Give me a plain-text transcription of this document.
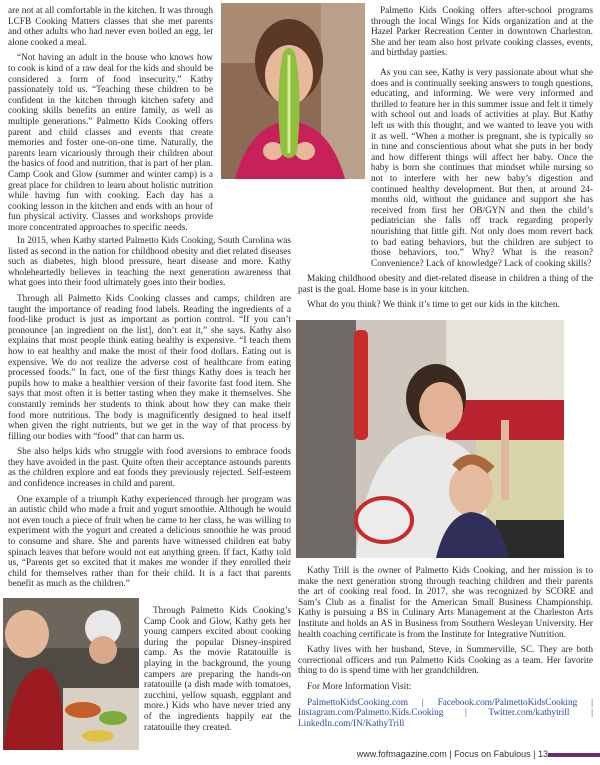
are not at all comfortable in the kitchen. It was through LCFB Cooking Matters classes that she met parents and other adults who had never even boiled an egg, let alone cooked a meal.

“Not having an adult in the house who knows how to cook is kind of a raw deal for the kids and should be considered a form of food insecurity.” Kathy passionately told us. “Teaching these children to be confident in the kitchen through kitchen safety and cooking skills benefits an entire family, as well as multiple generations.” Palmetto Kids Cooking offers parent and child classes and events that create memories and foster one-on-one time. Naturally, the parents learn vicariously through their children about the basics of food and nutrition, that is part of her plan. Camp Cook and Glow (summer and winter camp) is a great place for children to learn about holistic nutrition while having fun with cooking. Each day has a cooking lesson in the kitchen and ends with an hour of fun physical activity. Classes and workshops provide more concentrated approaches to specific needs.

In 2015, when Kathy started Palmetto Kids Cooking, South Carolina was listed as second in the nation for childhood obesity and diet related diseases such as diabetes, high blood pressure, heart disease and more. Kathy wholeheartedly believes in teaching the next generation awareness that what goes into their food ultimately goes into their bodies.

Through all Palmetto Kids Cooking classes and camps, children are taught the importance of reading food labels. Reading the ingredients of a food-like product is just as important as portion control. “If you can’t pronounce [an ingredient on the list], don’t eat it,” she says. Kathy also explains that most people think eating healthy is expensive. “I teach them how to eat healthy and make the most of their food dollars. Eating out is expensive. We do not realize the adverse cost of healthcare from eating processed foods.” In fact, one of the first things Kathy does is teach her pupils how to make a healthier version of their favorite fast food item. She says that most often it is better tasting when they make it themselves. She constantly reminds her students to think about how they can make their food more nutritious. The body is magnificently designed to heal itself when given the right nutrients, but we get in the way of that process by filling our bodies with “food” that can harm us.

She also helps kids who struggle with food aversions to embrace foods they have avoided in the past. Quite often their acceptance astounds parents as the children explore and eat foods they previously rejected. Self-esteem and confidence increases in child and parent.

One example of a triumph Kathy experienced through her program was an autistic child who made a fruit and yogurt smoothie. Although he would not even touch a piece of fruit when he came to her class, he was willing to experiment with the yogurt and created a delicious smoothie he was proud to consume and share. She and parents have witnessed children eat baby spinach leaves that before would not eat anything green. If fact, Kathy told us, “Parents get so excited that it makes me wonder if they enrolled their child for themselves rather than for their child. It is a fact that parents benefit as much as the children.”

Through Palmetto Kids Cooking’s Camp Cook and Glow, Kathy gets her young campers excited about cooking during the popular Disney-inspired camp. As the movie Ratatouille is playing in the background, the young campers are preparing the hands-on ratatouille (a dish made with tomatoes, zucchini, yellow squash, eggplant and more.) Kids who have never tried any of the ingredients happily eat the ratatouille they created.

Palmetto Kids Cooking offers after-school programs through the local Wings for Kids organization and at the Hazel Parker Recreation Center in downtown Charleston. She and her team also host private cooking classes, events, and birthday parties.

As you can see, Kathy is very passionate about what she does and is continually seeking answers to tough questions, educating, and informing. We were very informed and thrilled to feature her in this summer issue and felt it timely with school out and loads of activities at play. But Kathy left us with this thought, and we wanted to leave you with it as well. “When a mother is pregnant, she is typically so in tune and conscientious about what she puts in her body and how different things will affect her baby. Once the baby is born she continues that mindset while nursing so not to interfere with her new baby’s digestion and continued healthy development. But then, at around 24-months old, without the guidance and support she has received from first her OB/GYN and then the child’s pediatrician she falls off track regarding properly nourishing that little gift. Not only does mom revert back to bad eating behaviors, but the children are subject to those behaviors, too.” Why? What is the reason? Convenience? Lack of knowledge? Lack of cooking skills?

Making childhood obesity and diet-related disease in children a thing of the past is the goal. Home base is in your kitchen.

What do you think? We think it’s time to get our kids in the kitchen.

Kathy Trill is the owner of Palmetto Kids Cooking, and her mission is to make the next generation strong through teaching children and their parents the art of cooking real food. In 2017, she was recognized by SCORE and Sam’s Club as a finalist for the American Small Business Championship. Kathy is pursuing a BS in Culinary Arts Management at the Charleston Arts Institute and holds an AS in Business from Southern Wesleyan University. Her health coaching certificate is from the Institute for Integrative Nutrition.

Kathy lives with her husband, Steve, in Summerville, SC. They are both correctional officers and run Palmetto Kids Cooking as a team. Her favorite thing to do is spend time with her grandchildren.

For More Information Visit:

PalmettoKidsCooking.com | Facebook.com/PalmettoKidsCooking | Instagram.com/Palmetto.Kids.Cooking | Twitter.com/kathytrill | LinkedIn.com/IN/KathyTrill

www.fofmagazine.com | Focus on Fabulous | 13
